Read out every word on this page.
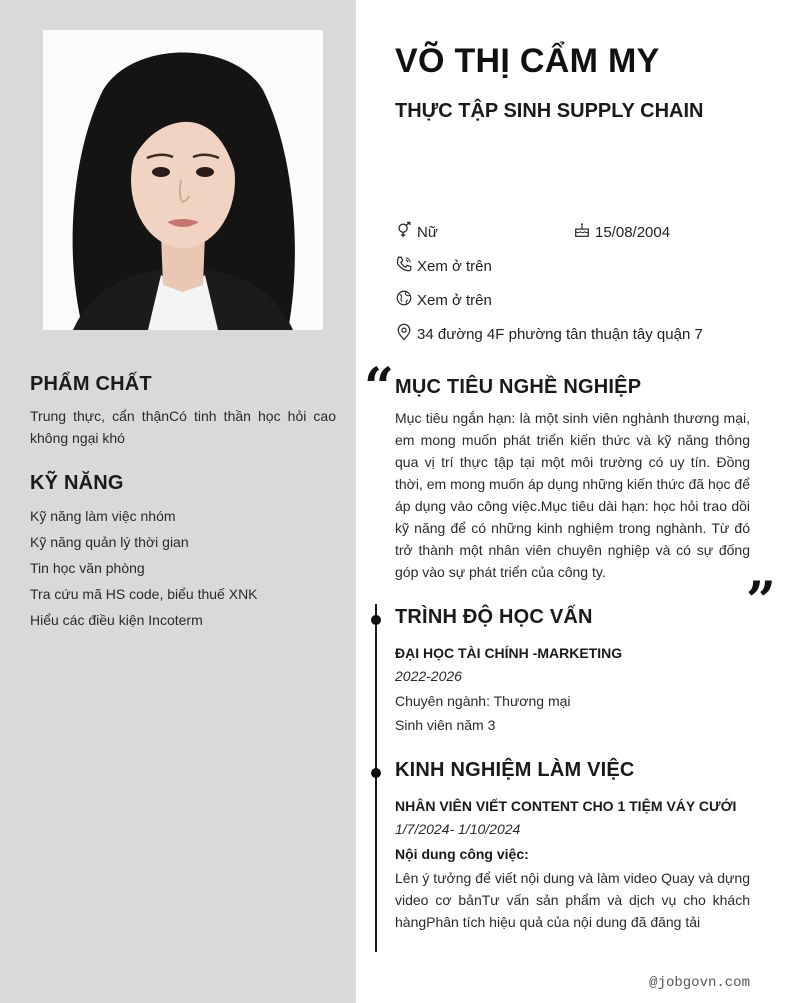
PHẨM CHẤT

Trung thực, cẩn thậnCó tinh thần học hỏi cao không ngại khó

KỸ NĂNG
Kỹ năng làm việc nhóm
Kỹ năng quản lý thời gian
Tin học văn phòng
Tra cứu mã HS code, biểu thuế XNK
Hiểu các điều kiện Incoterm
VÕ THỊ CẨM MY
THỰC TẬP SINH SUPPLY CHAIN
Nữ	15/08/2004
Xem ở trên
Xem ở trên
34 đường 4F phường tân thuận tây quận 7
“ MỤC TIÊU NGHỀ NGHIỆP

Mục tiêu ngắn hạn: là một sinh viên nghành thương mại, em mong muốn phát triển kiến thức và kỹ năng thông qua vị trí thực tập tại một môi trường có uy tín. Đồng thời, em mong muốn áp dụng những kiến thức đã học để áp dụng vào công việc.Mục tiêu dài hạn: học hỏi trao dồi kỹ năng để có những kinh nghiệm trong nghành. Từ đó trở thành một nhân viên chuyên nghiệp và có sự đống góp vào sự phát triển của công ty.	”
TRÌNH ĐỘ HỌC VẤN
ĐẠI HỌC TÀI CHÍNH -MARKETING
2022-2026
Chuyên ngành: Thương mại
Sinh viên năm 3
KINH NGHIỆM LÀM VIỆC
NHÂN VIÊN VIẾT CONTENT CHO 1 TIỆM VÁY CƯỚI
1/7/2024- 1/10/2024
Nội dung công việc:

Lên ý tưởng để viết nội dung và làm video Quay và dựng video cơ bảnTư vấn sản phẩm và dịch vụ cho khách hàngPhân tích hiệu quả của nội dung đã đăng tải

@jobgovn.com
